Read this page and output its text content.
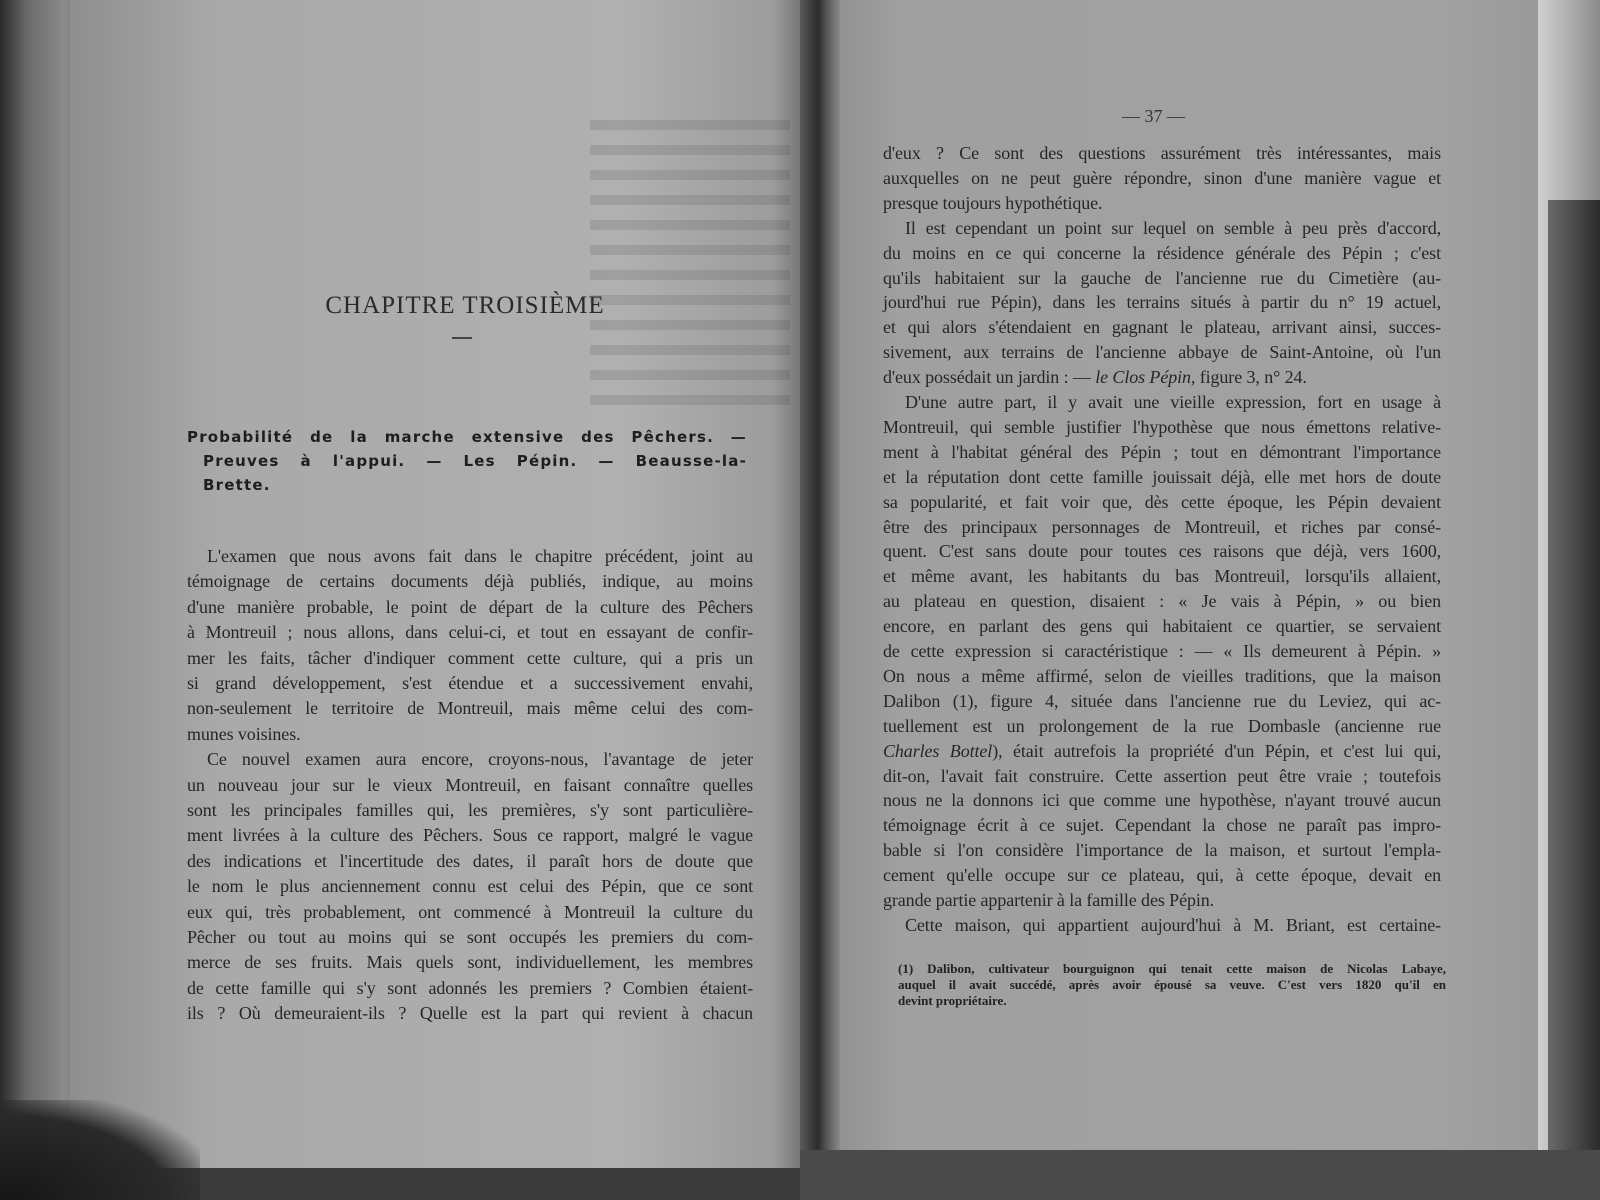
CHAPITRE TROISIÈME
Probabilité de la marche extensive des Pêchers. —
Preuves à l'appui. — Les Pépin. — Beausse-la-
Brette.
— 37 —
L'examen que nous avons fait dans le chapitre précédent, joint au
témoignage de certains documents déjà publiés, indique, au moins
d'une manière probable, le point de départ de la culture des Pêchers
à Montreuil ; nous allons, dans celui-ci, et tout en essayant de confir-
mer les faits, tâcher d'indiquer comment cette culture, qui a pris un
si grand développement, s'est étendue et a successivement envahi,
non-seulement le territoire de Montreuil, mais même celui des com-
munes voisines.
Ce nouvel examen aura encore, croyons-nous, l'avantage de jeter
un nouveau jour sur le vieux Montreuil, en faisant connaître quelles
sont les principales familles qui, les premières, s'y sont particulière-
ment livrées à la culture des Pêchers. Sous ce rapport, malgré le vague
des indications et l'incertitude des dates, il paraît hors de doute que
le nom le plus anciennement connu est celui des Pépin, que ce sont
eux qui, très probablement, ont commencé à Montreuil la culture du
Pêcher ou tout au moins qui se sont occupés les premiers du com-
merce de ses fruits. Mais quels sont, individuellement, les membres
de cette famille qui s'y sont adonnés les premiers ? Combien étaient-
ils ? Où demeuraient-ils ? Quelle est la part qui revient à chacun
d'eux ? Ce sont des questions assurément très intéressantes, mais
auxquelles on ne peut guère répondre, sinon d'une manière vague et
presque toujours hypothétique.
Il est cependant un point sur lequel on semble à peu près d'accord,
du moins en ce qui concerne la résidence générale des Pépin ; c'est
qu'ils habitaient sur la gauche de l'ancienne rue du Cimetière (au-
jourd'hui rue Pépin), dans les terrains situés à partir du n° 19 actuel,
et qui alors s'étendaient en gagnant le plateau, arrivant ainsi, succes-
sivement, aux terrains de l'ancienne abbaye de Saint-Antoine, où l'un
d'eux possédait un jardin : — le Clos Pépin, figure 3, n° 24.
D'une autre part, il y avait une vieille expression, fort en usage à
Montreuil, qui semble justifier l'hypothèse que nous émettons relative-
ment à l'habitat général des Pépin ; tout en démontrant l'importance
et la réputation dont cette famille jouissait déjà, elle met hors de doute
sa popularité, et fait voir que, dès cette époque, les Pépin devaient
être des principaux personnages de Montreuil, et riches par consé-
quent. C'est sans doute pour toutes ces raisons que déjà, vers 1600,
et même avant, les habitants du bas Montreuil, lorsqu'ils allaient,
au plateau en question, disaient : « Je vais à Pépin, » ou bien
encore, en parlant des gens qui habitaient ce quartier, se servaient
de cette expression si caractéristique : — « Ils demeurent à Pépin. »
On nous a même affirmé, selon de vieilles traditions, que la maison
Dalibon (1), figure 4, située dans l'ancienne rue du Leviez, qui ac-
tuellement est un prolongement de la rue Dombasle (ancienne rue
Charles Bottel), était autrefois la propriété d'un Pépin, et c'est lui qui,
dit-on, l'avait fait construire. Cette assertion peut être vraie ; toutefois
nous ne la donnons ici que comme une hypothèse, n'ayant trouvé aucun
témoignage écrit à ce sujet. Cependant la chose ne paraît pas impro-
bable si l'on considère l'importance de la maison, et surtout l'empla-
cement qu'elle occupe sur ce plateau, qui, à cette époque, devait en
grande partie appartenir à la famille des Pépin.
Cette maison, qui appartient aujourd'hui à M. Briant, est certaine-
(1) Dalibon, cultivateur bourguignon qui tenait cette maison de Nicolas Labaye,
auquel il avait succédé, après avoir épousé sa veuve. C'est vers 1820 qu'il en
devint propriétaire.
